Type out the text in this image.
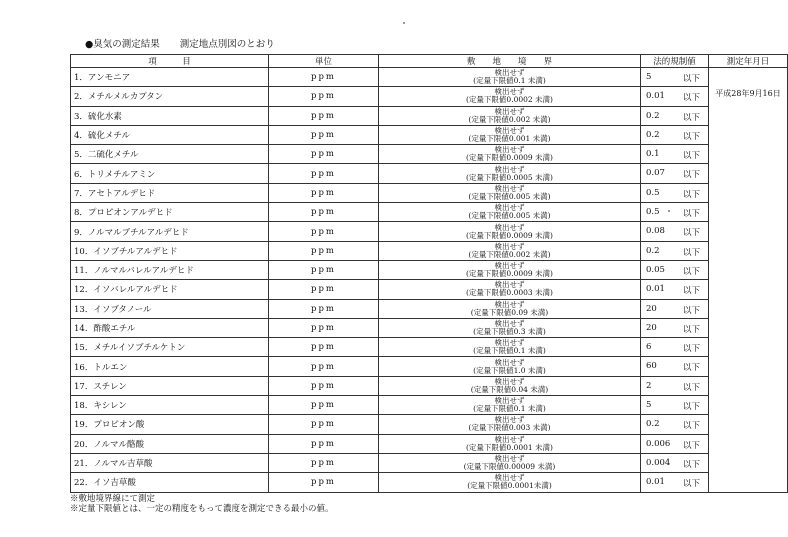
●臭気の測定結果 測定地点別図のとおり
項　　　目	単位	敷　　地　　境　　界	法的規制値	測定年月日
1．アンモニア	ppm	検出せず
(定量下限値0.1 未満)	5 以下	平成28年9月16日
2．メチルメルカプタン	ppm	検出せず
(定量下限値0.0002 未満)	0.01 以下	

3．硫化水素	ppm	検出せず
(定量下限値0.002 未満)	0.2 以下	

4．硫化メチル	ppm	検出せず
(定量下限値0.001 未満)	0.2 以下	

5．二硫化メチル	ppm	検出せず
(定量下限値0.0009 未満)	0.1 以下	

6．トリメチルアミン	ppm	検出せず
(定量下限値0.0005 未満)	0.07 以下	

7．アセトアルデヒド	ppm	検出せず
(定量下限値0.005 未満)	0.5 以下	

8．プロピオンアルデヒド	ppm	検出せず
(定量下限値0.005 未満)	0.5 以下	

9．ノルマルブチルアルデヒド	ppm	検出せず
(定量下限値0.0009 未満)	0.08 以下	

10．イソブチルアルデヒド	ppm	検出せず
(定量下限値0.002 未満)	0.2 以下	

11．ノルマルバレルアルデヒド	ppm	検出せず
(定量下限値0.0009 未満)	0.05 以下	

12．イソバレルアルデヒド	ppm	検出せず
(定量下限値0.0003 未満)	0.01 以下	

13．イソブタノール	ppm	検出せず
(定量下限値0.09 未満)	20 以下	

14．酢酸エチル	ppm	検出せず
(定量下限値0.3 未満)	20 以下	

15．メチルイソブチルケトン	ppm	検出せず
(定量下限値0.1 未満)	6 以下	

16．トルエン	ppm	検出せず
(定量下限値1.0 未満)	60 以下	

17．スチレン	ppm	検出せず
(定量下限値0.04 未満)	2 以下	

18．キシレン	ppm	検出せず
(定量下限値0.1 未満)	5 以下	

19．プロピオン酸	ppm	検出せず
(定量下限値0.003 未満)	0.2 以下	

20．ノルマル酪酸	ppm	検出せず
(定量下限値0.0001 未満)	0.006 以下	

21．ノルマル吉草酸	ppm	検出せず
(定量下限値0.00009 未満)	0.004 以下	

22．イソ吉草酸	ppm	検出せず
(定量下限値0.0001未満)	0.01 以下	
※敷地境界線にて測定
※定量下限値とは、一定の精度をもって濃度を測定できる最小の値。
